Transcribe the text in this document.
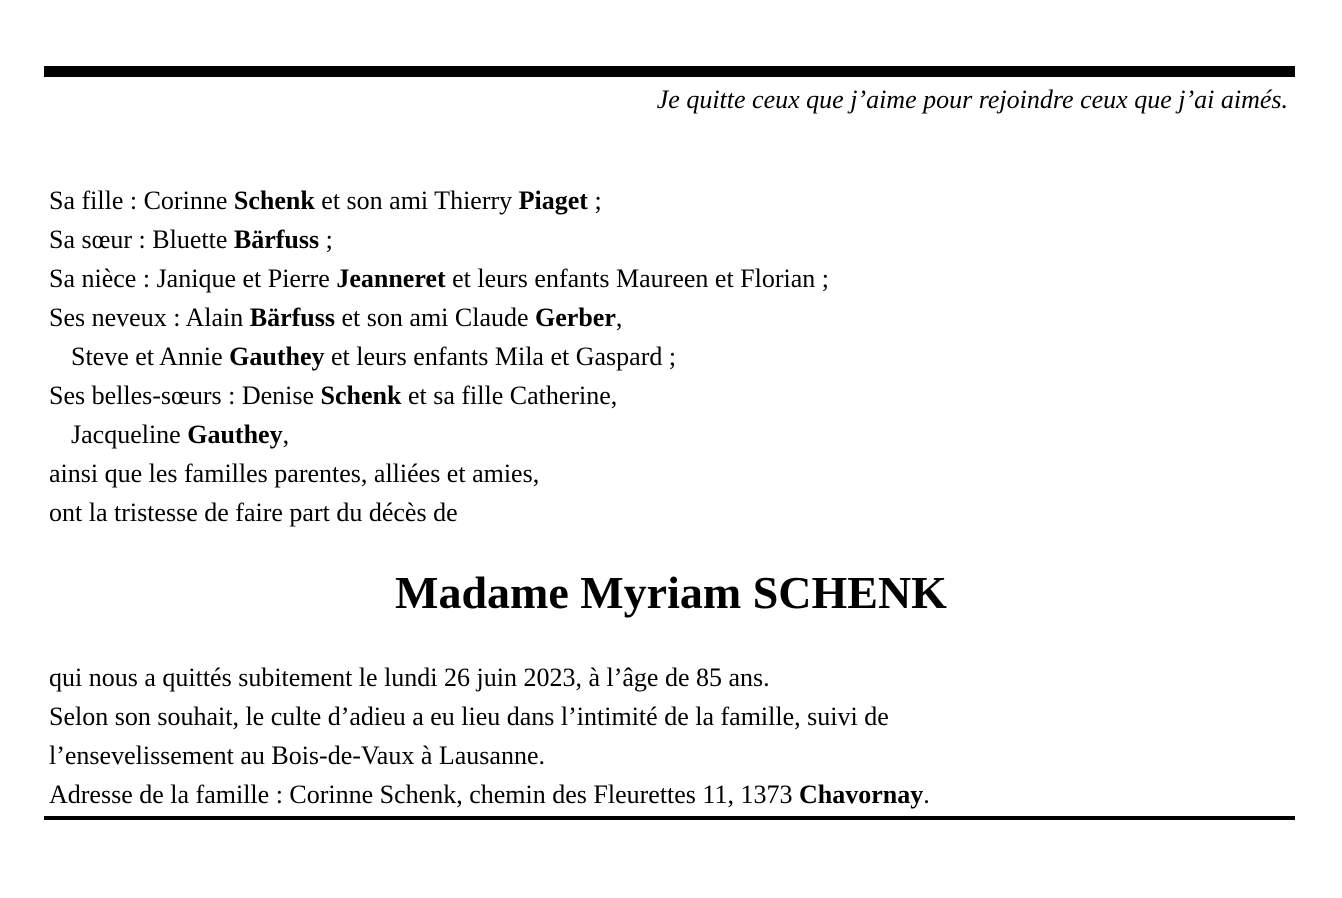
Je quitte ceux que j’aime pour rejoindre ceux que j’ai aimés.
Sa fille : Corinne Schenk et son ami Thierry Piaget ;
Sa sœur : Bluette Bärfuss ;
Sa nièce : Janique et Pierre Jeanneret et leurs enfants Maureen et Florian ;
Ses neveux : Alain Bärfuss et son ami Claude Gerber,
Steve et Annie Gauthey et leurs enfants Mila et Gaspard ;
Ses belles-sœurs : Denise Schenk et sa fille Catherine,
Jacqueline Gauthey,
ainsi que les familles parentes, alliées et amies,
ont la tristesse de faire part du décès de
Madame Myriam SCHENK
qui nous a quittés subitement le lundi 26 juin 2023, à l’âge de 85 ans.
Selon son souhait, le culte d’adieu a eu lieu dans l’intimité de la famille, suivi de
l’ensevelissement au Bois-de-Vaux à Lausanne.
Adresse de la famille : Corinne Schenk, chemin des Fleurettes 11, 1373 Chavornay.
